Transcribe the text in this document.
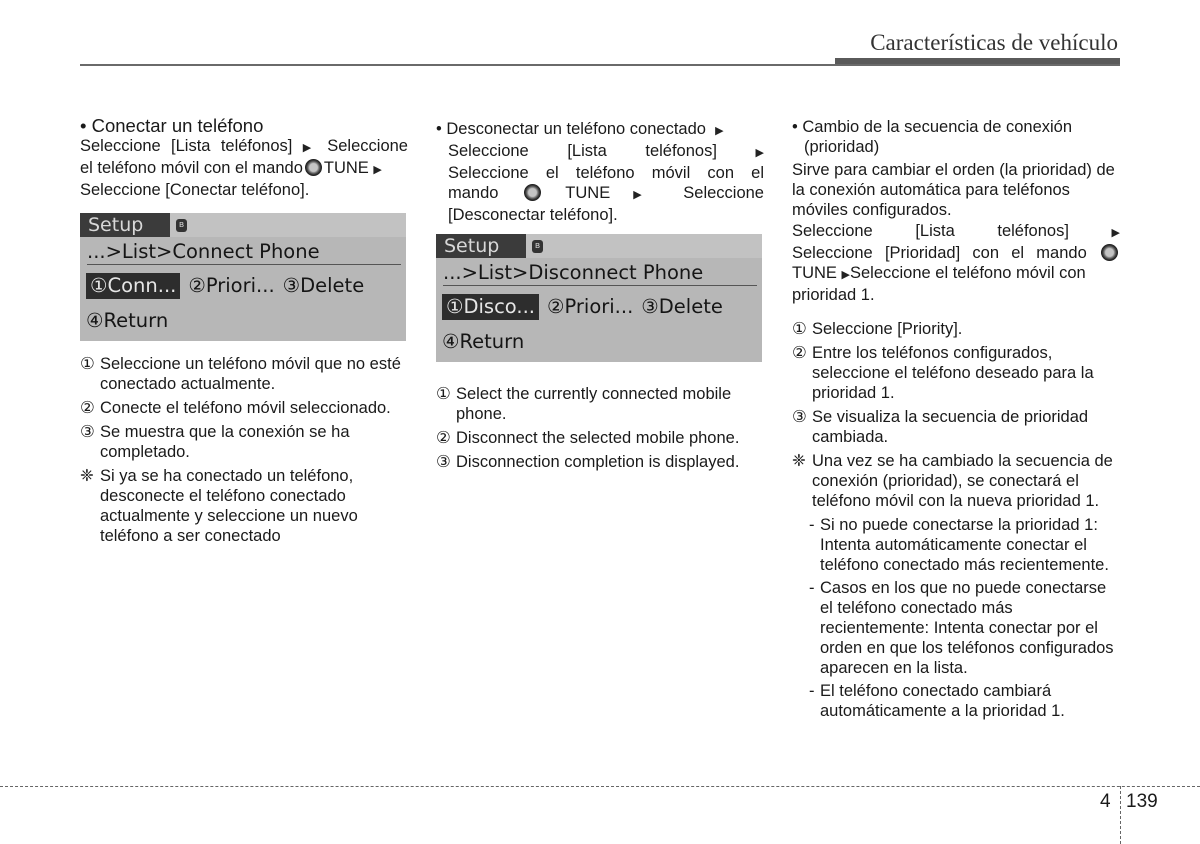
Características de vehículo

• Conectar un teléfono

Seleccione [Lista teléfonos] ▶ Seleccione

el teléfono móvil con el mando TUNE ▶

Seleccione [Conectar teléfono].

Setup	ʙ
...>List>Connect Phone
①Conn... ②Priori... ③Delete
④Return
① Seleccione un teléfono móvil que no esté conectado actualmente.
② Conecte el teléfono móvil seleccionado.
③ Se muestra que la conexión se ha completado.
❈ Si ya se ha conectado un teléfono, desconecte el teléfono conectado actualmente y seleccione un nuevo teléfono a ser conectado

• Desconectar un teléfono conectado ▶

Seleccione [Lista teléfonos]	▶

Seleccione el teléfono móvil con el

mando	TUNE ▶ Seleccione

[Desconectar teléfono].

Setup	ʙ
...>List>Disconnect Phone
①Disco... ②Priori... ③Delete
④Return
① Select the currently connected mobile phone.
② Disconnect the selected mobile phone.
③ Disconnection completion is displayed.

• Cambio de la secuencia de conexión (prioridad)

Sirve para cambiar el orden (la prioridad) de la conexión automática para teléfonos móviles configurados.

Seleccione	[Lista	teléfonos]	▶

Seleccione [Prioridad] con el mando

TUNE ▶Seleccione el teléfono móvil con

prioridad 1.

① Seleccione [Priority].
② Entre los teléfonos configurados, seleccione el teléfono deseado para la prioridad 1.
③ Se visualiza la secuencia de prioridad cambiada.
❈ Una vez se ha cambiado la secuencia de conexión (prioridad), se conectará el teléfono móvil con la nueva prioridad 1.
- Si no puede conectarse la prioridad 1: Intenta automáticamente conectar el teléfono conectado más recientemente.
- Casos en los que no puede conectarse el teléfono conectado más recientemente: Intenta conectar por el orden en que los teléfonos configurados aparecen en la lista.
- El teléfono conectado cambiará automáticamente a la prioridad 1.
4 139
